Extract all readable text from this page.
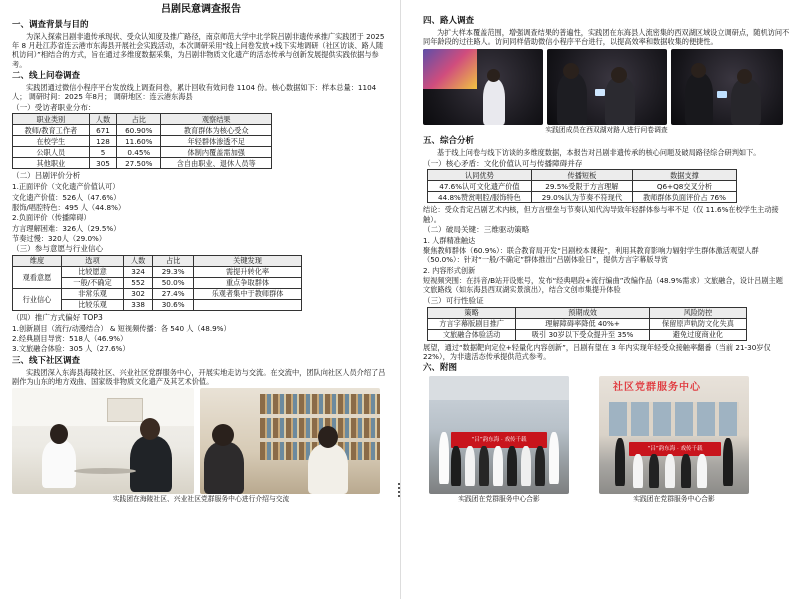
吕剧民意调查报告
一、调查背景与目的

为深入探索吕剧非遗传承现状、受众认知度及推广路径，南京师范大学中北学院吕剧非遗传承推广实践团于 2025 年 8 月赴江苏省连云港市东海县开展社会实践活动，本次调研采用“线上问卷发放+线下实地调研（社区访谈、路人随机访问）”相结合的方式，旨在通过多维度数据采集，为吕剧非物质文化遗产的活态传承与创新发展提供实践依据与参考。

二、线上问卷调查

实践团通过微信小程序平台发放线上调查问卷，累计回收有效问卷 1104 份。核心数据如下：样本总量：1104人； 调研时间：2025 年8月； 调研地区：连云港东海县

（一）受访者职业分布：
职业类别	人数	占比	观察结果
教师/教育工作者	671	60.90%	教育群体为核心受众
在校学生	128	11.60%	年轻群体渗透不足
公职人员	5	0.45%	体制内覆盖需加强
其他职业	305	27.50%	含自由职业、退休人员等
（二）吕剧评价分析

1.正面评价（文化遗产价值认可）

文化遗产价值：526人（47.6%）

服饰/唱腔特色：495 人（44.8%）

2.负面评价（传播障碍）

方言理解困难：326人（29.5%）

节奏过慢：320人（29.0%）

（三）参与意愿与行业信心
维度	选项	人数	占比	关键发现
观看意愿	比较愿意	324	29.3%	需提升转化率
	一般/不确定	552	50.0%	重点争取群体
行业信心	非常乐观	302	27.4%	乐观者集中于教师群体
	比较乐观	338	30.6%	
（四）推广方式偏好 TOP3

1.创新剧目（流行/动漫结合） & 短视频传播：各 540 人（48.9%）

2.经典剧目导赏：518人（46.9%）

3.文旅融合体验：305 人（27.6%）

三、线下社区调查

实践团深入东海县海陵社区、兴业社区党群服务中心，开展实地走访与交流。在交流中，团队向社区人员介绍了吕剧作为山东的地方戏曲、国家级非物质文化遗产及其艺术价值。

实践团在海陵社区、兴业社区党群服务中心进行介绍与交流
四、路人调查

为扩大样本覆盖范围，增强调查结果的普遍性，实践团在东海县人流密集的西双湖区域设立调研点，随机访问不同年龄段的过往路人。访问同样借助微信小程序平台进行，以提高效率和数据收集的便捷性。

实践团成员在西双湖对路人进行问卷调查
五、综合分析

基于线上问卷与线下访谈的多维度数据，本报告对吕剧非遗传承的核心问题及破局路径综合研判如下。

（一）核心矛盾：文化价值认可与传播障碍并存
认同优势	传播短板	数据支撑
47.6%认可文化遗产价值	29.5%受限于方言理解	Q6+Q8交叉分析
44.8%赞赏唱腔/服饰特色	29.0%认为节奏不符现代	教师群体负面评价占 76%

结论：受众肯定吕剧艺术内核，但方言壁垒与节奏认知代沟导致年轻群体参与率不足（仅 11.6%在校学生主动接触）。

（二）破局关键：三维驱动策略

1. 人群精准触达

聚焦教师群体（60.9%）：联合教育局开发“吕剧校本课程”，利用其教育影响力辐射学生群体激活观望人群（50.0%）：针对“一般/不确定”群体推出“吕剧体验日”，提供方言字幕版导赏

2. 内容形式创新

短视频突围：在抖音/B站开设账号，发布“经典唱段+流行编曲”改编作品（48.9%需求）文旅融合，设计吕剧主题文旅路线（如东海县西双湖实景演出），结合文创市集提升体验

（三）可行性验证
策略	预期成效	风险防控
方言字幕版剧目推广	理解障碍率降低 40%+	保留原声轨防文化失真
文旅融合体验活动	吸引 30岁以下受众提升至 35%	避免过度商业化

展望，通过“数据靶向定位+轻量化内容创新”，吕剧有望在 3 年内实现年轻受众接触率翻番（当前 21-30岁仅 22%），为非遗活态传承提供范式参考。

六、附图
“吕”韵东海 · 戏传千载
实践团在党群服务中心合影
社区党群服务中心
“吕”韵东海 · 戏传千载
实践团在党群服务中心合影
